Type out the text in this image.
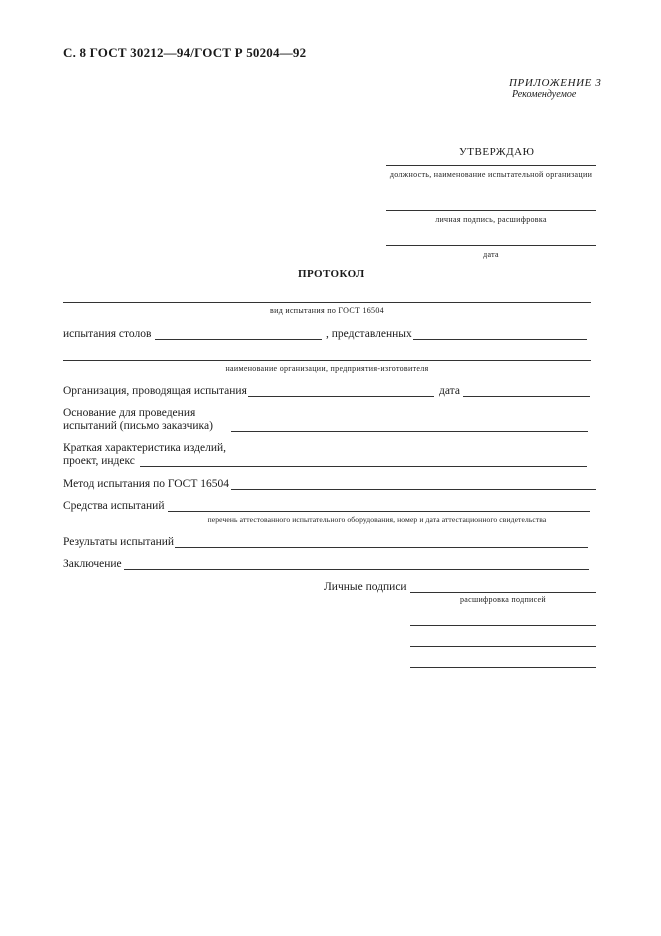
С. 8 ГОСТ 30212—94/ГОСТ Р 50204—92
ПРИЛОЖЕНИЕ 3
Рекомендуемое
УТВЕРЖДАЮ
должность, наименование испытательной организации
личная подпись, расшифровка
дата
ПРОТОКОЛ
вид испытания по ГОСТ 16504
испытания столов	, представленных
наименование организации, предприятия-изготовителя
Организация, проводящая испытания	дата
Основание для проведения
испытаний (письмо заказчика)
Краткая характеристика изделий,
проект, индекс
Метод испытания по ГОСТ 16504
Средства испытаний
перечень аттестованного испытательного оборудования, номер и дата аттестационного свидетельства
Результаты испытаний
Заключение
Личные подписи
расшифровка подписей
